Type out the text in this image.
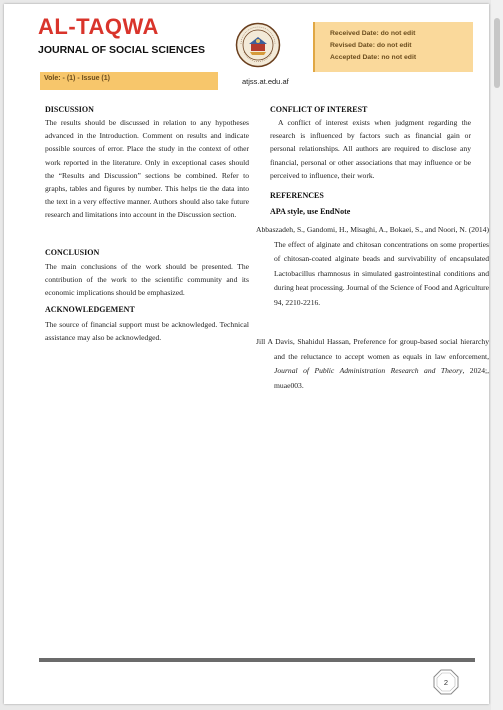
AL-TAQWA
JOURNAL OF SOCIAL SCIENCES
Vole: - (1) - Issue (1)	atjss.at.edu.af
Received Date: do not edit
Revised Date: do not edit
Accepted Date: no not edit
DISCUSSION

The results should be discussed in relation to any hypotheses advanced in the Introduction. Comment on results and indicate possible sources of error. Place the study in the context of other work reported in the literature. Only in exceptional cases should the “Results and Discussion” sections be combined. Refer to graphs, tables and figures by number. This helps tie the data into the text in a very effective manner. Authors should also take future research and limitations into account in the Discussion section.

CONCLUSION

The main conclusions of the work should be presented. The contribution of the work to the scientific community and its economic implications should be emphasized.

ACKNOWLEDGEMENT

The source of financial support must be acknowledged. Technical assistance may also be acknowledged.

CONFLICT OF INTEREST

A conflict of interest exists when judgment regarding the research is influenced by factors such as financial gain or personal relationships. All authors are required to disclose any financial, personal or other associations that may influence or be perceived to influence, their work.

REFERENCES
APA style, use EndNote

Abbaszadeh, S., Gandomi, H., Misaghi, A., Bokaei, S., and Noori, N. (2014) The effect of alginate and chitosan concentrations on some properties of chitosan-coated alginate beads and survivability of encapsulated Lactobacillus rhamnosus in simulated gastrointestinal conditions and during heat processing. Journal of the Science of Food and Agriculture 94, 2210-2216.

Jill A Davis, Shahidul Hassan, Preference for group-based social hierarchy and the reluctance to accept women as equals in law enforcement, Journal of Public Administration Research and Theory, 2024;, muae003.

2
